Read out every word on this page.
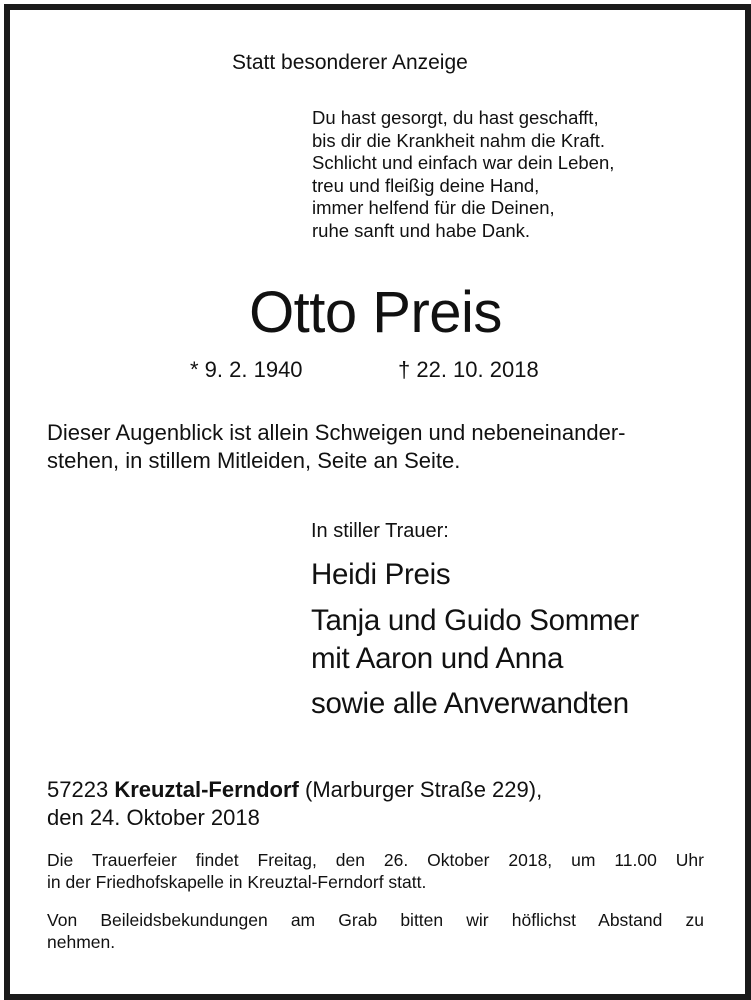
Statt besonderer Anzeige
Du hast gesorgt, du hast geschafft,
bis dir die Krankheit nahm die Kraft.
Schlicht und einfach war dein Leben,
treu und fleißig deine Hand,
immer helfend für die Deinen,
ruhe sanft und habe Dank.
Otto Preis
* 9. 2. 1940	† 22. 10. 2018
Dieser Augenblick ist allein Schweigen und nebeneinander-
stehen, in stillem Mitleiden, Seite an Seite.
In stiller Trauer:
Heidi Preis
Tanja und Guido Sommer
mit Aaron und Anna
sowie alle Anverwandten
57223 Kreuztal-Ferndorf (Marburger Straße 229),
den 24. Oktober 2018
Die Trauerfeier findet Freitag, den 26. Oktober 2018, um 11.00 Uhr
in der Friedhofskapelle in Kreuztal-Ferndorf statt.
Von Beileidsbekundungen am Grab bitten wir höflichst Abstand zu
nehmen.
